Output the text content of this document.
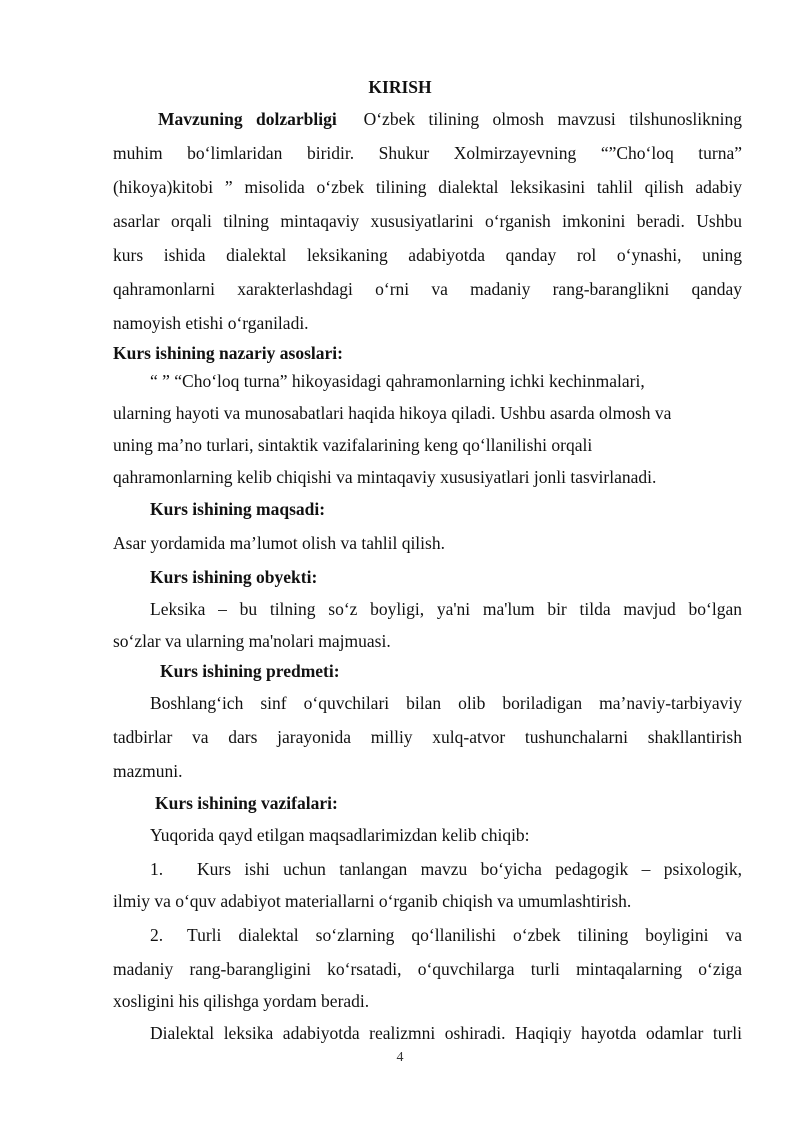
KIRISH

Mavzuning dolzarbligi O‘zbek tilining olmosh mavzusi tilshunoslikning

muhim bo‘limlaridan biridir. Shukur Xolmirzayevning “”Cho‘loq turna”

(hikoya)kitobi ” misolida o‘zbek tilining dialektal leksikasini tahlil qilish adabiy

asarlar orqali tilning mintaqaviy xususiyatlarini o‘rganish imkonini beradi. Ushbu

kurs ishida dialektal leksikaning adabiyotda qanday rol o‘ynashi, uning

qahramonlarni xarakterlashdagi o‘rni va madaniy rang-baranglikni qanday

namoyish etishi o‘rganiladi.

Kurs ishining nazariy asoslari:

“ ” “Cho‘loq turna” hikoyasidagi qahramonlarning ichki kechinmalari,

ularning hayoti va munosabatlari haqida hikoya qiladi. Ushbu asarda olmosh va

uning ma’no turlari, sintaktik vazifalarining keng qo‘llanilishi orqali

qahramonlarning kelib chiqishi va mintaqaviy xususiyatlari jonli tasvirlanadi.

Kurs ishining maqsadi:

Asar yordamida ma’lumot olish va tahlil qilish.

Kurs ishining obyekti:

Leksika – bu tilning so‘z boyligi, ya'ni ma'lum bir tilda mavjud bo‘lgan

so‘zlar va ularning ma'nolari majmuasi.

Kurs ishining predmeti:

Boshlang‘ich sinf o‘quvchilari bilan olib boriladigan ma’naviy-tarbiyaviy

tadbirlar va dars jarayonida milliy xulq-atvor tushunchalarni shakllantirish

mazmuni.

Kurs ishining vazifalari:

Yuqorida qayd etilgan maqsadlarimizdan kelib chiqib:

1. Kurs ishi uchun tanlangan mavzu bo‘yicha pedagogik – psixologik,

ilmiy va o‘quv adabiyot materiallarni o‘rganib chiqish va umumlashtirish.

2. Turli dialektal so‘zlarning qo‘llanilishi o‘zbek tilining boyligini va

madaniy rang-barangligini ko‘rsatadi, o‘quvchilarga turli mintaqalarning o‘ziga

xosligini his qilishga yordam beradi.

Dialektal leksika adabiyotda realizmni oshiradi. Haqiqiy hayotda odamlar turli

4
